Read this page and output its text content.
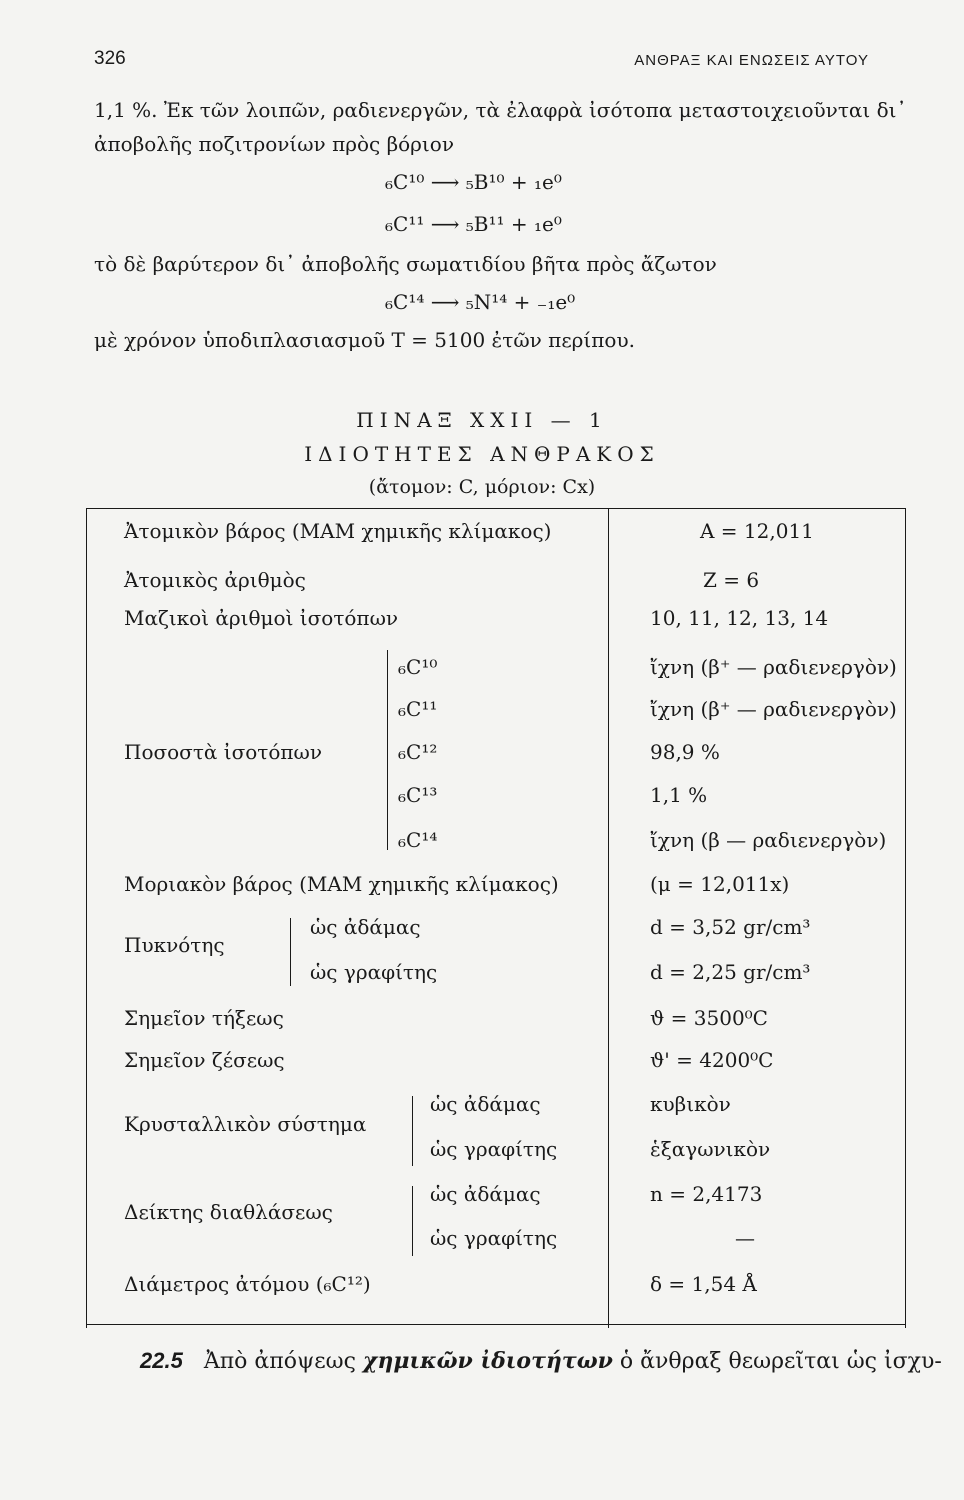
326	ΑΝΘΡΑΞ ΚΑΙ ΕΝΩΣΕΙΣ ΑΥΤΟΥ
1,1 %. Ἐκ τῶν λοιπῶν, ραδιενεργῶν, τὰ ἐλαφρὰ ἰσότοπα μεταστοιχειοῦνται δι᾽
ἀποβολῆς ποζιτρονίων πρὸς βόριον
₆C¹⁰ ⟶ ₅B¹⁰ + ₁e⁰
₆C¹¹ ⟶ ₅B¹¹ + ₁e⁰
τὸ δὲ βαρύτερον δι᾽ ἀποβολῆς σωματιδίου βῆτα πρὸς ἄζωτον
₆C¹⁴ ⟶ ₅N¹⁴ + ₋₁e⁰
μὲ χρόνον ὑποδιπλασιασμοῦ T = 5100 ἐτῶν περίπου.
ΠΙΝΑΞ XXII — 1
ΙΔΙΟΤΗΤΕΣ ΑΝΘΡΑΚΟΣ
(ἄτομον: C, μόριον: Cx)
Ἀτομικὸν βάρος (ΜΑΜ χημικῆς κλίμακος)	A = 12,011
Ἀτομικὸς ἀριθμὸς	Z = 6
Μαζικοὶ ἀριθμοὶ ἰσοτόπων	10, 11, 12, 13, 14
Ποσοστὰ ἰσοτόπων
₆C¹⁰	ἴχνη (β⁺ — ραδιενεργὸν)
₆C¹¹	ἴχνη (β⁺ — ραδιενεργὸν)
₆C¹²	98,9 %
₆C¹³	1,1 %
₆C¹⁴	ἴχνη (β — ραδιενεργὸν)
Μοριακὸν βάρος (ΜΑΜ χημικῆς κλίμακος)	(μ = 12,011x)
Πυκνότης
ὡς ἀδάμας	d = 3,52 gr/cm³
ὡς γραφίτης	d = 2,25 gr/cm³
Σημεῖον τήξεως	ϑ = 3500⁰C
Σημεῖον ζέσεως	ϑ' = 4200⁰C
Κρυσταλλικὸν σύστημα
ὡς ἀδάμας	κυβικὸν
ὡς γραφίτης	ἑξαγωνικὸν
Δείκτης διαθλάσεως
ὡς ἀδάμας	n = 2,4173
ὡς γραφίτης	—
Διάμετρος ἀτόμου (₆C¹²)	δ = 1,54 Å
22.5 Ἀπὸ ἀπόψεως χημικῶν ἰδιοτήτων ὁ ἄνθραξ θεωρεῖται ὡς ἰσχυ-
